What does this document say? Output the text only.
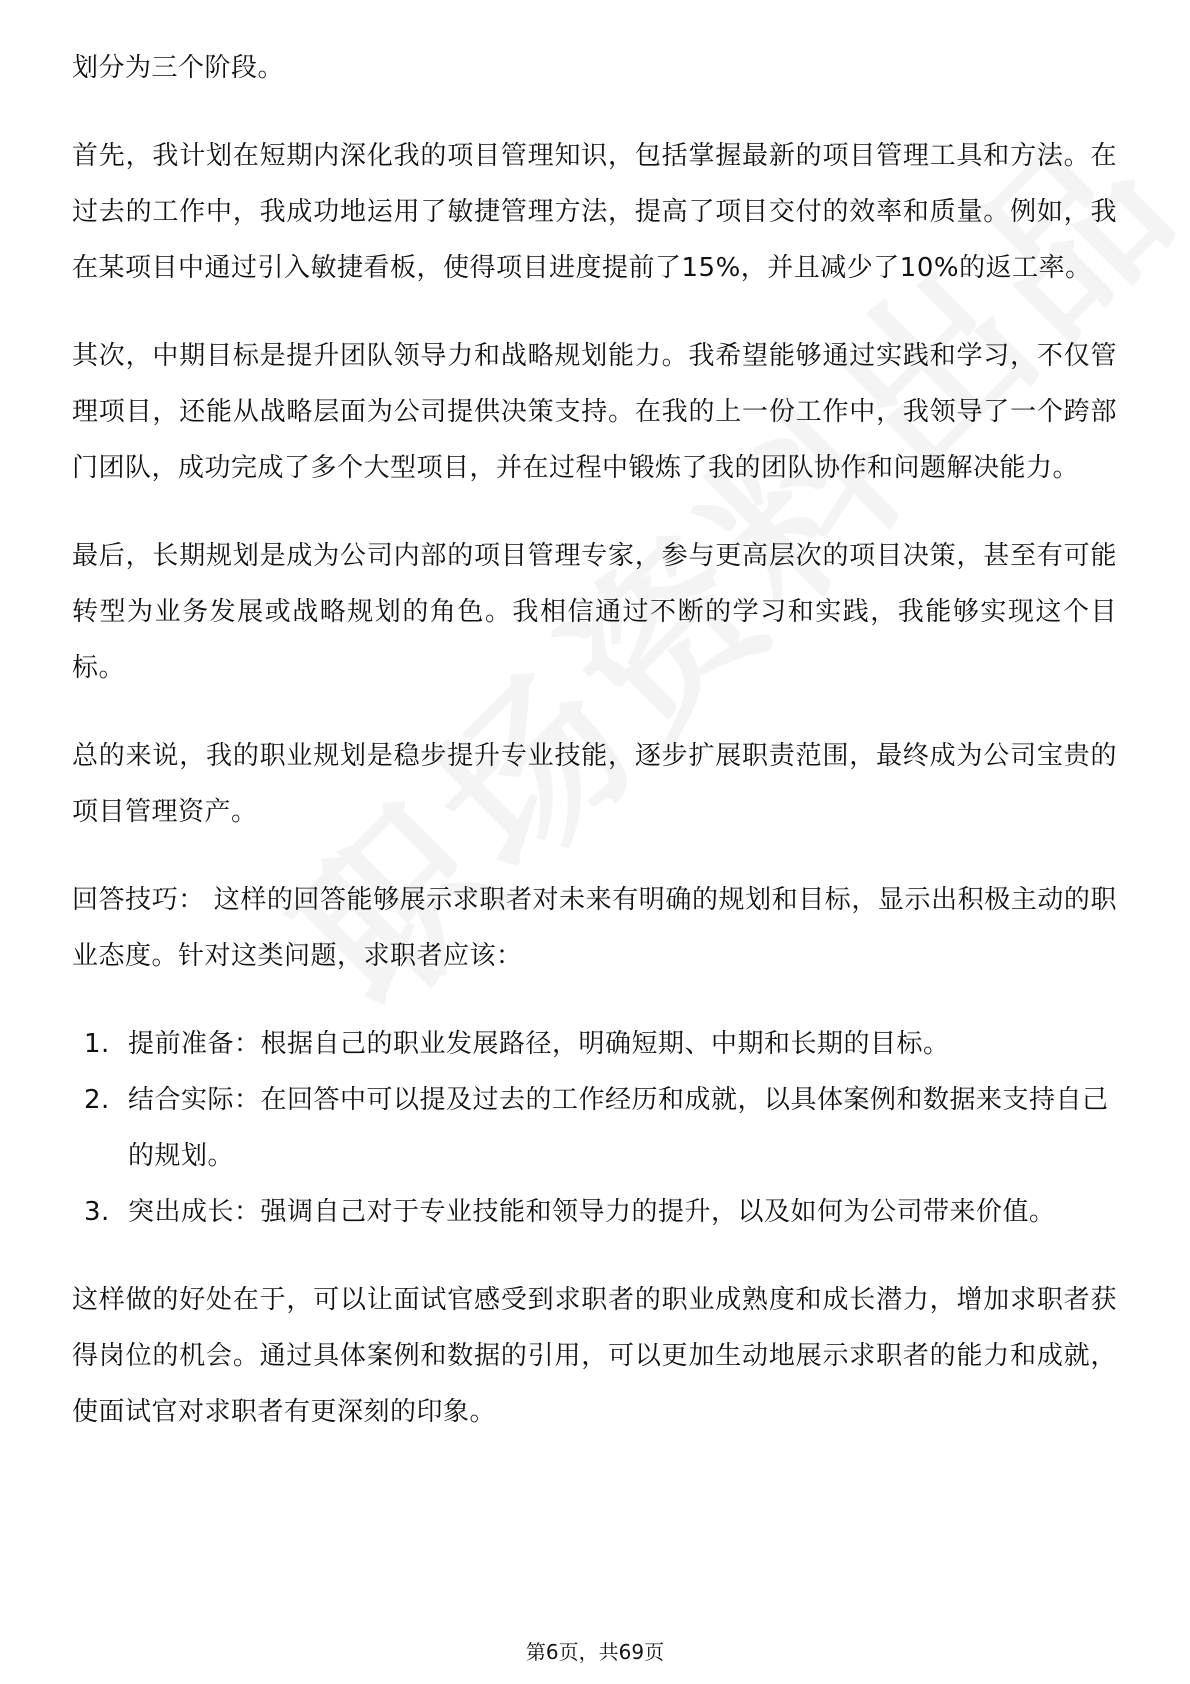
划分为三个阶段。

首先，我计划在短期内深化我的项目管理知识，包括掌握最新的项目管理工具和方法。在过去的工作中，我成功地运用了敏捷管理方法，提高了项目交付的效率和质量。例如，我在某项目中通过引入敏捷看板，使得项目进度提前了15%，并且减少了10%的返工率。

其次，中期目标是提升团队领导力和战略规划能力。我希望能够通过实践和学习，不仅管理项目，还能从战略层面为公司提供决策支持。在我的上一份工作中，我领导了一个跨部门团队，成功完成了多个大型项目，并在过程中锻炼了我的团队协作和问题解决能力。

最后，长期规划是成为公司内部的项目管理专家，参与更高层次的项目决策，甚至有可能转型为业务发展或战略规划的角色。我相信通过不断的学习和实践，我能够实现这个目标。

总的来说，我的职业规划是稳步提升专业技能，逐步扩展职责范围，最终成为公司宝贵的项目管理资产。

回答技巧： 这样的回答能够展示求职者对未来有明确的规划和目标，显示出积极主动的职业态度。针对这类问题，求职者应该：

1. 提前准备：根据自己的职业发展路径，明确短期、中期和长期的目标。
2. 结合实际：在回答中可以提及过去的工作经历和成就，以具体案例和数据来支持自己的规划。
3. 突出成长：强调自己对于专业技能和领导力的提升，以及如何为公司带来价值。

这样做的好处在于，可以让面试官感受到求职者的职业成熟度和成长潜力，增加求职者获得岗位的机会。通过具体案例和数据的引用，可以更加生动地展示求职者的能力和成就，使面试官对求职者有更深刻的印象。

第6页，共69页
